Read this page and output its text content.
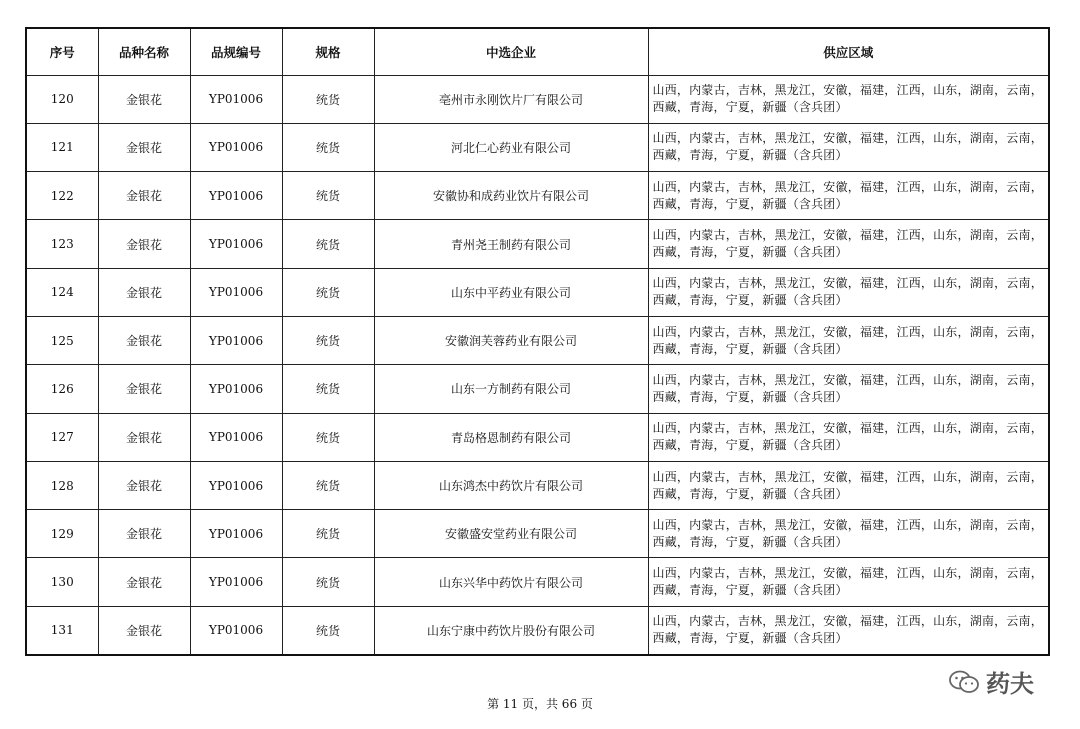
序号	品种名称	品规编号	规格	中选企业	供应区域
120	金银花	YP01006	统货	亳州市永刚饮片厂有限公司	山西，内蒙古，吉林，黑龙江，安徽，福建，江西，山东，湖南，云南，西藏，青海，宁夏，新疆（含兵团）
121	金银花	YP01006	统货	河北仁心药业有限公司	山西，内蒙古，吉林，黑龙江，安徽，福建，江西，山东，湖南，云南，西藏，青海，宁夏，新疆（含兵团）
122	金银花	YP01006	统货	安徽协和成药业饮片有限公司	山西，内蒙古，吉林，黑龙江，安徽，福建，江西，山东，湖南，云南，西藏，青海，宁夏，新疆（含兵团）
123	金银花	YP01006	统货	青州尧王制药有限公司	山西，内蒙古，吉林，黑龙江，安徽，福建，江西，山东，湖南，云南，西藏，青海，宁夏，新疆（含兵团）
124	金银花	YP01006	统货	山东中平药业有限公司	山西，内蒙古，吉林，黑龙江，安徽，福建，江西，山东，湖南，云南，西藏，青海，宁夏，新疆（含兵团）
125	金银花	YP01006	统货	安徽润芙蓉药业有限公司	山西，内蒙古，吉林，黑龙江，安徽，福建，江西，山东，湖南，云南，西藏，青海，宁夏，新疆（含兵团）
126	金银花	YP01006	统货	山东一方制药有限公司	山西，内蒙古，吉林，黑龙江，安徽，福建，江西，山东，湖南，云南，西藏，青海，宁夏，新疆（含兵团）
127	金银花	YP01006	统货	青岛格恩制药有限公司	山西，内蒙古，吉林，黑龙江，安徽，福建，江西，山东，湖南，云南，西藏，青海，宁夏，新疆（含兵团）
128	金银花	YP01006	统货	山东鸿杰中药饮片有限公司	山西，内蒙古，吉林，黑龙江，安徽，福建，江西，山东，湖南，云南，西藏，青海，宁夏，新疆（含兵团）
129	金银花	YP01006	统货	安徽盛安堂药业有限公司	山西，内蒙古，吉林，黑龙江，安徽，福建，江西，山东，湖南，云南，西藏，青海，宁夏，新疆（含兵团）
130	金银花	YP01006	统货	山东兴华中药饮片有限公司	山西，内蒙古，吉林，黑龙江，安徽，福建，江西，山东，湖南，云南，西藏，青海，宁夏，新疆（含兵团）
131	金银花	YP01006	统货	山东宁康中药饮片股份有限公司	山西，内蒙古，吉林，黑龙江，安徽，福建，江西，山东，湖南，云南，西藏，青海，宁夏，新疆（含兵团）
第 11 页，共 66 页
药夫
